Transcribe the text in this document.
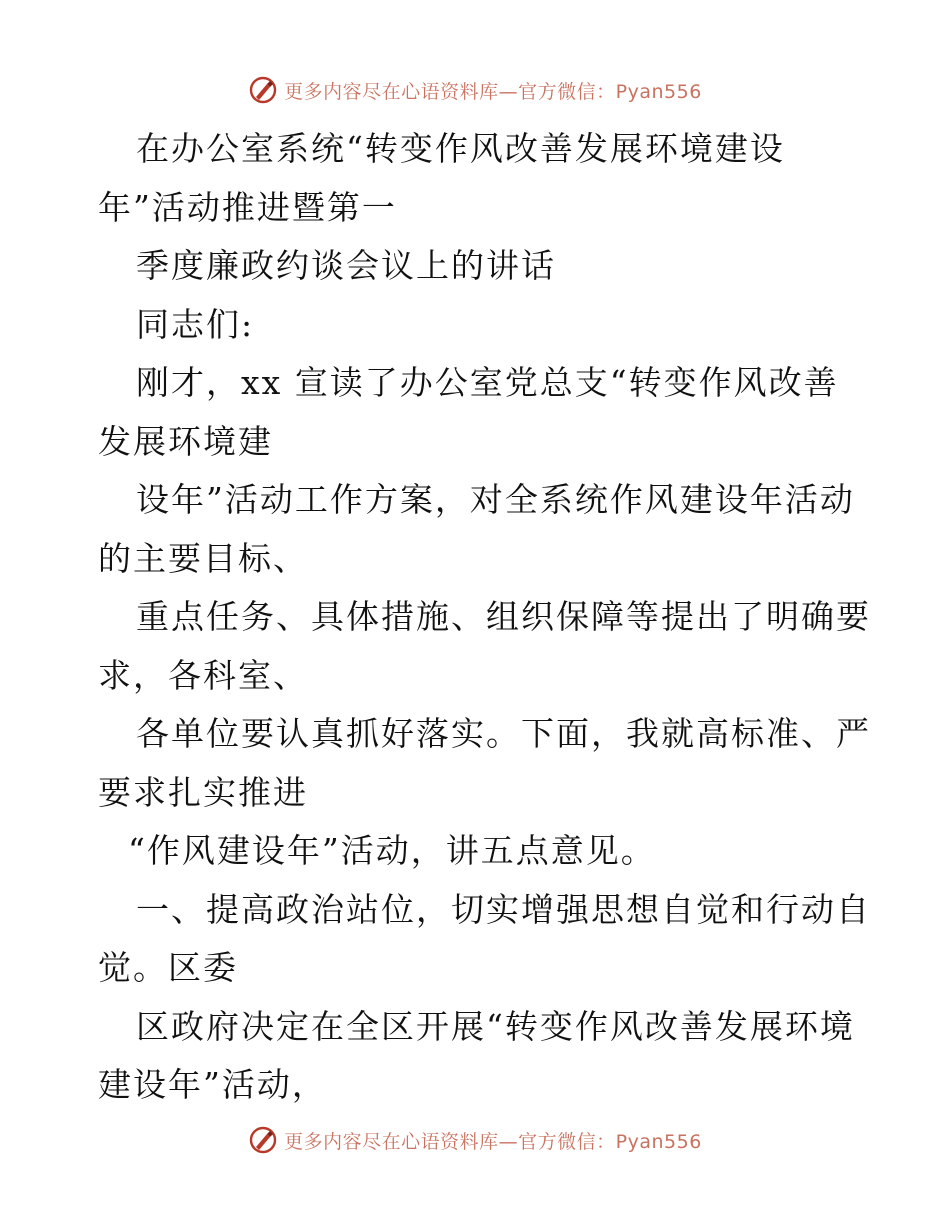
更多内容尽在心语资料库—官方微信：Pyan556
在办公室系统“转变作风改善发展环境建设
年”活动推进暨第一
季度廉政约谈会议上的讲话
同志们:
刚才，xx 宣读了办公室党总支“转变作风改善
发展环境建
设年”活动工作方案，对全系统作风建设年活动
的主要目标、
重点任务、具体措施、组织保障等提出了明确要
求，各科室、
各单位要认真抓好落实。下面，我就高标准、严
要求扎实推进
“作风建设年”活动，讲五点意见。
一、提高政治站位，切实增强思想自觉和行动自
觉。区委
区政府决定在全区开展“转变作风改善发展环境
建设年”活动，
更多内容尽在心语资料库—官方微信：Pyan556
